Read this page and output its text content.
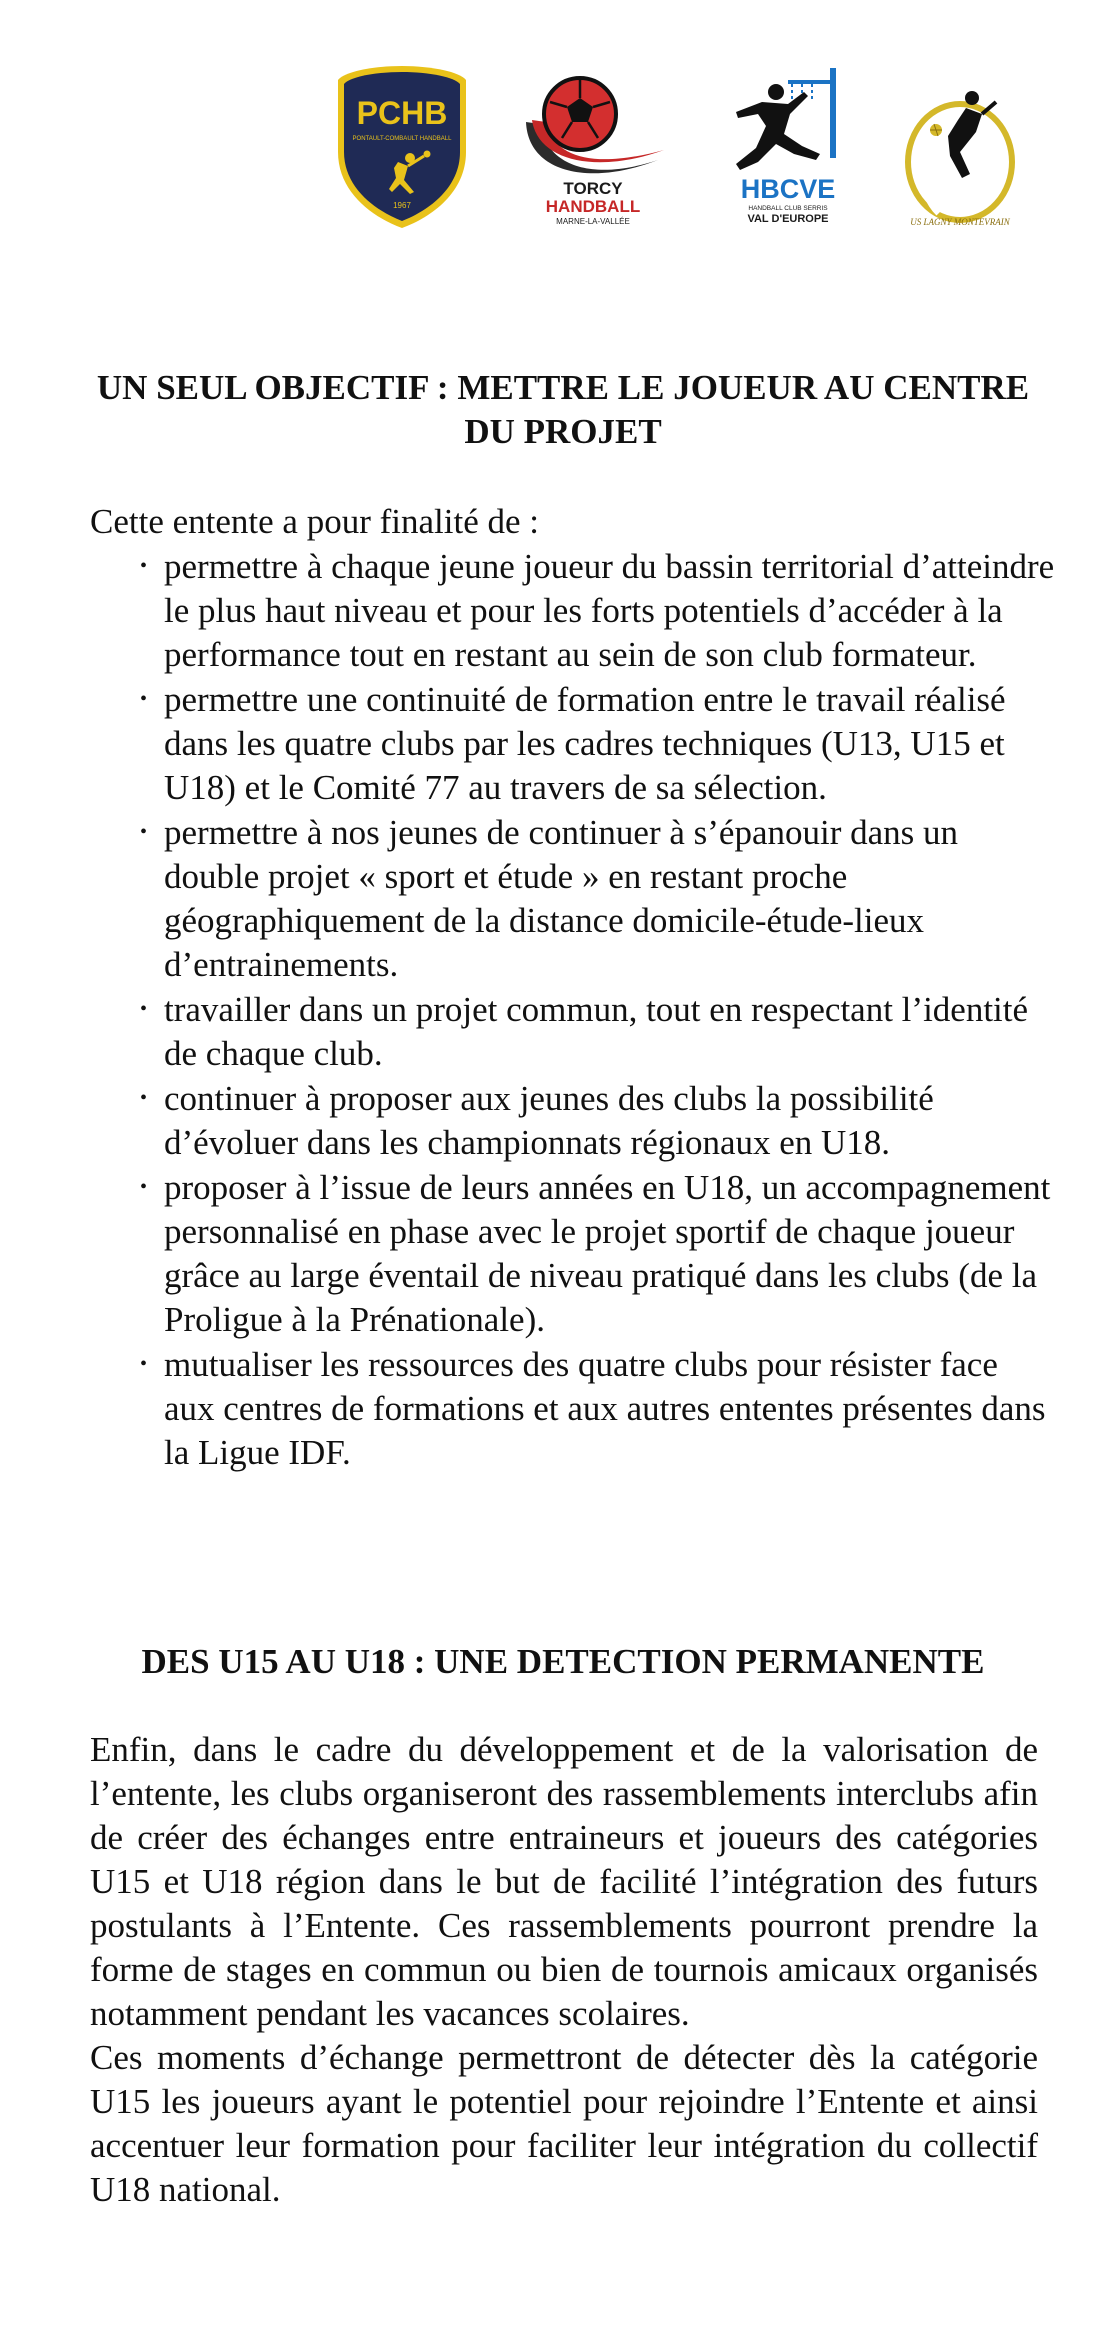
PCHB
PONTAULT-COMBAULT HANDBALL
1967
TORCY
HANDBALL
MARNE-LA-VALLÉE
HBCVE
HANDBALL CLUB SERRIS
VAL D'EUROPE	US LAGNY MONTEVRAIN
UN SEUL OBJECTIF : METTRE LE JOUEUR AU CENTRE DU PROJET

Cette entente a pour finalité de :

• permettre à chaque jeune joueur du bassin territorial d’atteindre le plus haut niveau et pour les forts potentiels d’accéder à la performance tout en restant au sein de son club formateur.
• permettre une continuité de formation entre le travail réalisé dans les quatre clubs par les cadres techniques (U13, U15 et U18) et le Comité 77 au travers de sa sélection.
• permettre à nos jeunes de continuer à s’épanouir dans un double projet « sport et étude » en restant proche géographiquement de la distance domicile-étude-lieux d’entrainements.
• travailler dans un projet commun, tout en respectant l’identité de chaque club.
• continuer à proposer aux jeunes des clubs la possibilité d’évoluer dans les championnats régionaux en U18.
• proposer à l’issue de leurs années en U18, un accompagnement personnalisé en phase avec le projet sportif de chaque joueur grâce au large éventail de niveau pratiqué dans les clubs (de la Proligue à la Prénationale).
• mutualiser les ressources des quatre clubs pour résister face aux centres de formations et aux autres ententes présentes dans la Ligue IDF.
DES U15 AU U18 : UNE DETECTION PERMANENTE

Enfin, dans le cadre du développement et de la valorisation de l’entente, les clubs organiseront des rassemblements interclubs afin de créer des échanges entre entraineurs et joueurs des catégories U15 et U18 région dans le but de facilité l’intégration des futurs postulants à l’Entente. Ces rassemblements pourront prendre la forme de stages en commun ou bien de tournois amicaux organisés notamment pendant les vacances scolaires.

Ces moments d’échange permettront de détecter dès la catégorie U15 les joueurs ayant le potentiel pour rejoindre l’Entente et ainsi accentuer leur formation pour faciliter leur intégration du collectif U18 national.
